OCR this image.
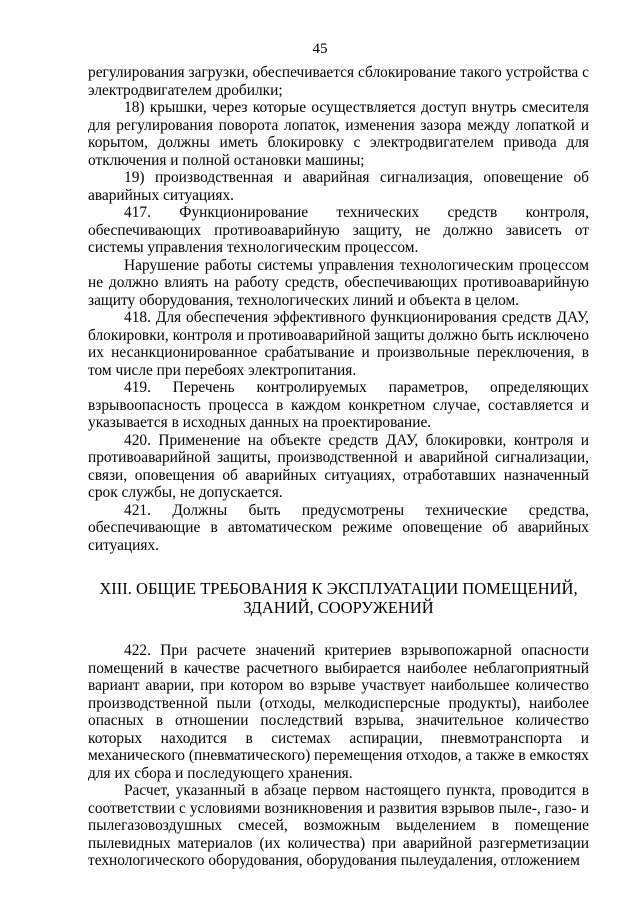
45

регулирования загрузки, обеспечивается сблокирование такого устройства с электродвигателем дробилки;

18) крышки, через которые осуществляется доступ внутрь смесителя для регулирования поворота лопаток, изменения зазора между лопаткой и корытом, должны иметь блокировку с электродвигателем привода для отключения и полной остановки машины;

19) производственная и аварийная сигнализация, оповещение об аварийных ситуациях.

417. Функционирование технических средств контроля, обеспечивающих противоаварийную защиту, не должно зависеть от системы управления технологическим процессом.

Нарушение работы системы управления технологическим процессом не должно влиять на работу средств, обеспечивающих противоаварийную защиту оборудования, технологических линий и объекта в целом.

418. Для обеспечения эффективного функционирования средств ДАУ, блокировки, контроля и противоаварийной защиты должно быть исключено их несанкционированное срабатывание и произвольные переключения, в том числе при перебоях электропитания.

419. Перечень контролируемых параметров, определяющих взрывоопасность процесса в каждом конкретном случае, составляется и указывается в исходных данных на проектирование.

420. Применение на объекте средств ДАУ, блокировки, контроля и противоаварийной защиты, производственной и аварийной сигнализации, связи, оповещения об аварийных ситуациях, отработавших назначенный срок службы, не допускается.

421. Должны быть предусмотрены технические средства, обеспечивающие в автоматическом режиме оповещение об аварийных ситуациях.

XIII. ОБЩИЕ ТРЕБОВАНИЯ К ЭКСПЛУАТАЦИИ ПОМЕЩЕНИЙ, ЗДАНИЙ, СООРУЖЕНИЙ

422. При расчете значений критериев взрывопожарной опасности помещений в качестве расчетного выбирается наиболее неблагоприятный вариант аварии, при котором во взрыве участвует наибольшее количество производственной пыли (отходы, мелкодисперсные продукты), наиболее опасных в отношении последствий взрыва, значительное количество которых находится в системах аспирации, пневмотранспорта и механического (пневматического) перемещения отходов, а также в емкостях для их сбора и последующего хранения.

Расчет, указанный в абзаце первом настоящего пункта, проводится в соответствии с условиями возникновения и развития взрывов пыле-, газо- и пылегазовоздушных смесей, возможным выделением в помещение пылевидных материалов (их количества) при аварийной разгерметизации технологического оборудования, оборудования пылеудаления, отложением
